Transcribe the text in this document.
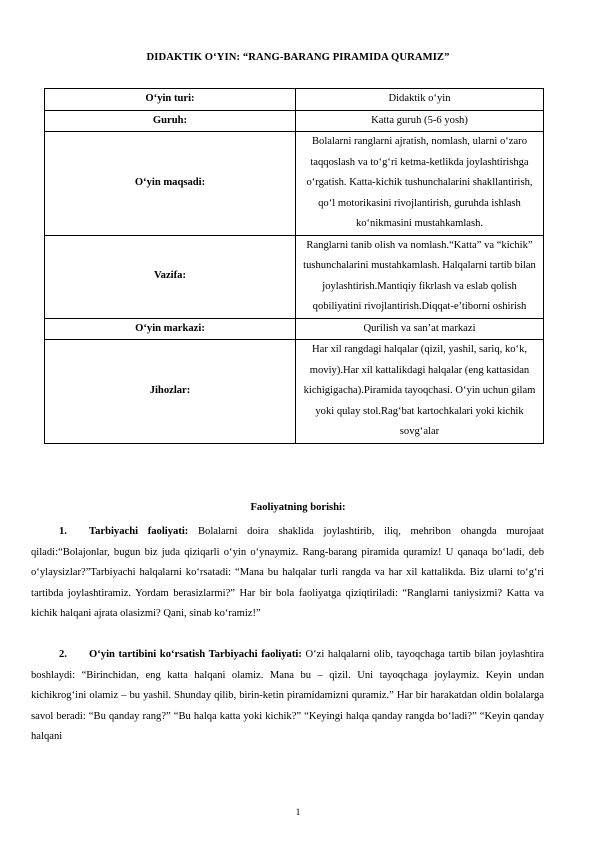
DIDAKTIK O‘YIN: “RANG-BARANG PIRAMIDA QURAMIZ”
O‘yin turi:	Didaktik o‘yin
Guruh:	Katta guruh (5-6 yosh)
O‘yin maqsadi:	Bolalarni ranglarni ajratish, nomlash, ularni o‘zaro taqqoslash va to‘g‘ri ketma-ketlikda joylashtirishga o‘rgatish. Katta-kichik tushunchalarini shakllantirish, qo‘l motorikasini rivojlantirish, guruhda ishlash ko‘nikmasini mustahkamlash.
Vazifa:	Ranglarni tanib olish va nomlash.“Katta” va “kichik” tushunchalarini mustahkamlash. Halqalarni tartib bilan joylashtirish.Mantiqiy fikrlash va eslab qolish qobiliyatini rivojlantirish.Diqqat-e’tiborni oshirish
O‘yin markazi:	Qurilish va san’at markazi
Jihozlar:	Har xil rangdagi halqalar (qizil, yashil, sariq, ko‘k, moviy).Har xil kattalikdagi halqalar (eng kattasidan kichigigacha).Piramida tayoqchasi. O‘yin uchun gilam yoki qulay stol.Rag‘bat kartochkalari yoki kichik sovg‘alar
Faoliyatning borishi:
1. Tarbiyachi faoliyati: Bolalarni doira shaklida joylashtirib, iliq, mehribon ohangda murojaat qiladi:“Bolajonlar, bugun biz juda qiziqarli o‘yin o‘ynaymiz. Rang-barang piramida quramiz! U qanaqa bo‘ladi, deb o‘ylaysizlar?”Tarbiyachi halqalarni ko‘rsatadi: “Mana bu halqalar turli rangda va har xil kattalikda. Biz ularni to‘g‘ri tartibda joylashtiramiz. Yordam berasizlarmi?” Har bir bola faoliyatga qiziqtiriladi: “Ranglarni taniysizmi? Katta va kichik halqani ajrata olasizmi? Qani, sinab ko‘ramiz!”
2. O‘yin tartibini ko‘rsatish Tarbiyachi faoliyati: O‘zi halqalarni olib, tayoqchaga tartib bilan joylashtira boshlaydi: “Birinchidan, eng katta halqani olamiz. Mana bu – qizil. Uni tayoqchaga joylaymiz. Keyin undan kichikrog‘ini olamiz – bu yashil. Shunday qilib, birin-ketin piramidamizni quramiz.” Har bir harakatdan oldin bolalarga savol beradi: “Bu qanday rang?” “Bu halqa katta yoki kichik?” “Keyingi halqa qanday rangda bo‘ladi?” “Keyin qanday halqani
1
